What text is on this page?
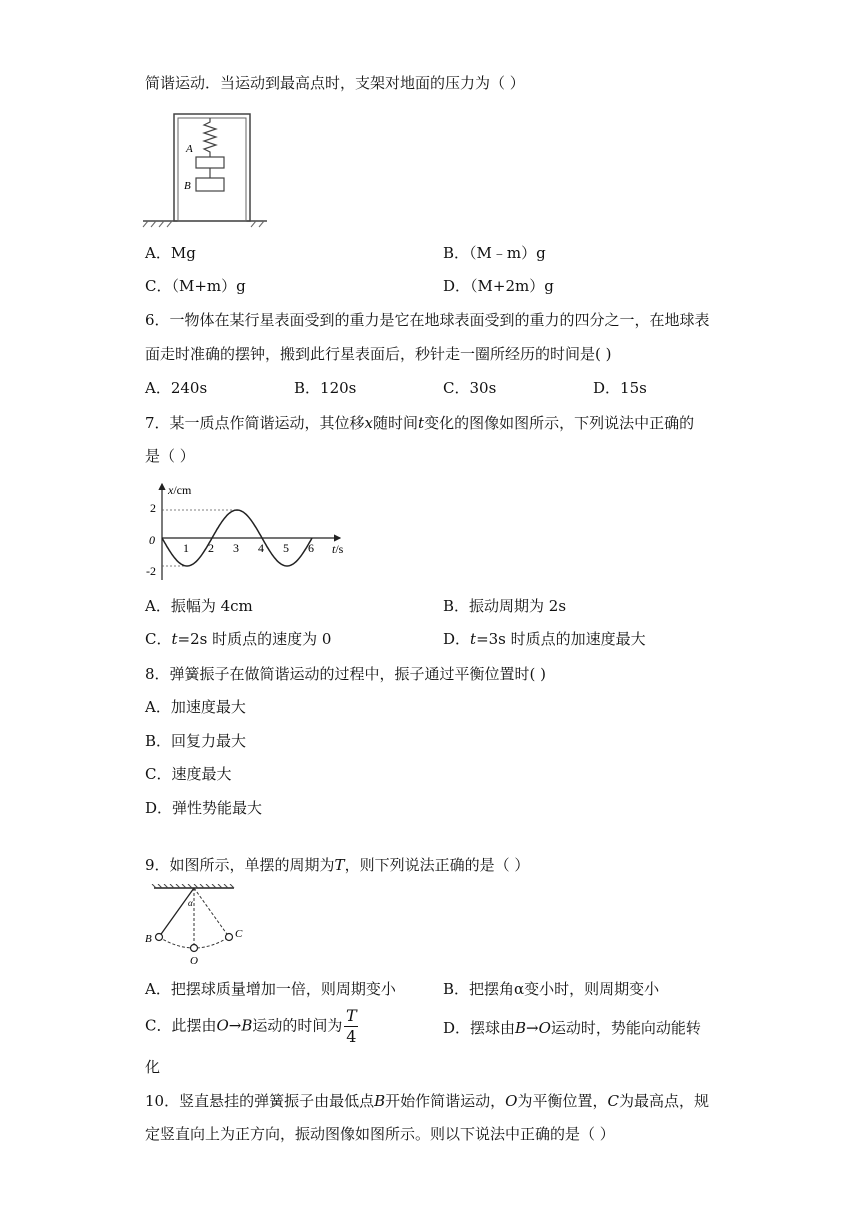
简谐运动．当运动到最高点时，支架对地面的压力为（ ）
A
B
A．Mg	B．（M﹣m）g
C．（M+m）g	D．（M+2m）g
6．一物体在某行星表面受到的重力是它在地球表面受到的重力的四分之一，在地球表
面走时准确的摆钟，搬到此行星表面后，秒针走一圈所经历的时间是( )
A．240s	B．120s	C．30s	D．15s
7．某一质点作简谐运动，其位移x随时间t变化的图像如图所示，下列说法中正确的
是（ ）
1 2 3 4 5 6
x/cm
t/s
0
2
-2
A．振幅为 4cm	B．振动周期为 2s
C．t=2s 时质点的速度为 0	D．t=3s 时质点的加速度最大
8．弹簧振子在做简谐运动的过程中，振子通过平衡位置时( )
A．加速度最大
B．回复力最大
C．速度最大
D．弹性势能最大
9．如图所示，单摆的周期为T，则下列说法正确的是（ ）
α
B	C
O
A．把摆球质量增加一倍，则周期变小	B．把摆角α变小时，则周期变小
C．此摆由O→B运动的时间为 $\frac{T}{4}$	D．摆球由B→O运动时，势能向动能转
化
10．竖直悬挂的弹簧振子由最低点B开始作简谐运动，O为平衡位置，C为最高点，规
定竖直向上为正方向，振动图像如图所示。则以下说法中正确的是（ ）
